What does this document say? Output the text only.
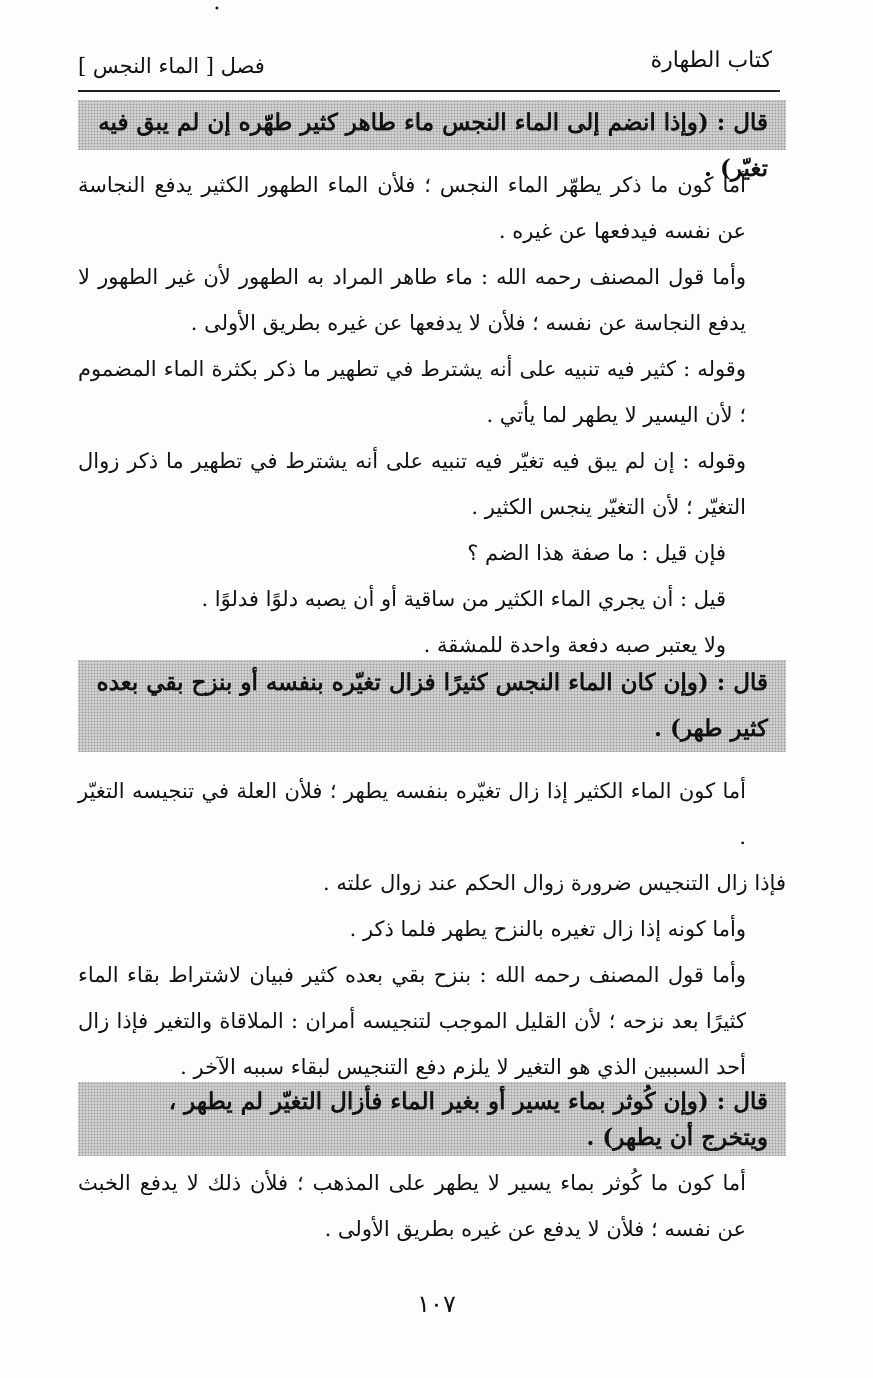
•
كتاب الطهارة
فصل [ الماء النجس ]
قال : (وإذا انضم إلى الماء النجس ماء طاهر كثير طهّره إن لم يبق فيه تغيّر) .

أما كون ما ذكر يطهّر الماء النجس ؛ فلأن الماء الطهور الكثير يدفع النجاسة عن نفسه فيدفعها عن غيره .

وأما قول المصنف رحمه الله : ماء طاهر المراد به الطهور لأن غير الطهور لا يدفع النجاسة عن نفسه ؛ فلأن لا يدفعها عن غيره بطريق الأولى .

وقوله : كثير فيه تنبيه على أنه يشترط في تطهير ما ذكر بكثرة الماء المضموم ؛ لأن اليسير لا يطهر لما يأتي .

وقوله : إن لم يبق فيه تغيّر فيه تنبيه على أنه يشترط في تطهير ما ذكر زوال التغيّر ؛ لأن التغيّر ينجس الكثير .

فإن قيل : ما صفة هذا الضم ؟

قيل : أن يجري الماء الكثير من ساقية أو أن يصبه دلوًا فدلوًا .

ولا يعتبر صبه دفعة واحدة للمشقة .

قال : (وإن كان الماء النجس كثيرًا فزال تغيّره بنفسه أو بنزح بقي بعده كثير طهر) .

أما كون الماء الكثير إذا زال تغيّره بنفسه يطهر ؛ فلأن العلة في تنجيسه التغيّر .

فإذا زال التنجيس ضرورة زوال الحكم عند زوال علته .

وأما كونه إذا زال تغيره بالنزح يطهر فلما ذكر .

وأما قول المصنف رحمه الله : بنزح بقي بعده كثير فبيان لاشتراط بقاء الماء كثيرًا بعد نزحه ؛ لأن القليل الموجب لتنجيسه أمران : الملاقاة والتغير فإذا زال أحد السببين الذي هو التغير لا يلزم دفع التنجيس لبقاء سببه الآخر .

قال : (وإن كُوثر بماء يسير أو بغير الماء فأزال التغيّر لم يطهر ، ويتخرج أن يطهر) .

أما كون ما كُوثر بماء يسير لا يطهر على المذهب ؛ فلأن ذلك لا يدفع الخبث عن نفسه ؛ فلأن لا يدفع عن غيره بطريق الأولى .

١٠٧
